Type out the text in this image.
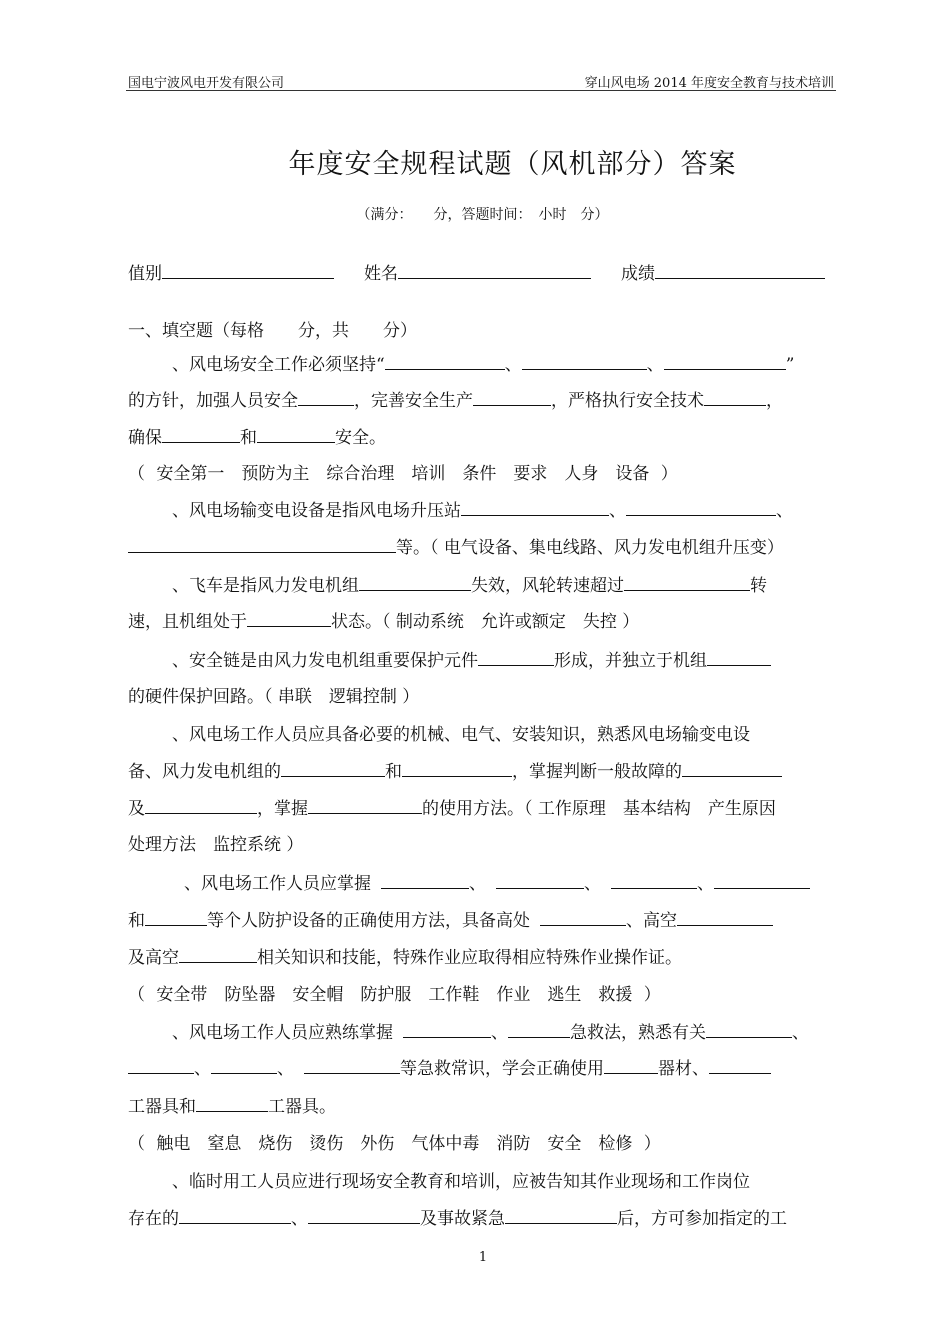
国电宁波风电开发有限公司	穿山风电场 2014 年度安全教育与技术培训
年度安全规程试题（风机部分）答案
（满分：　　分，答题时间：　小时　分）
值别	姓名	成绩
一、填空题（每格　　分，共　　分）
、风电场安全工作必须坚持“	、	、	”
的方针，加强人员安全	，完善安全生产	，严格执行安全技术	，
确保	和	安全。
（ 安全第一　预防为主　综合治理　培训　条件　要求　人身　设备 ）
、风电场输变电设备是指风电场升压站	、	、
等。（ 电气设备、集电线路、风力发电机组升压变）
、飞车是指风力发电机组	失效，风轮转速超过	转
速，且机组处于	状态。（ 制动系统　允许或额定　失控 ）
、安全链是由风力发电机组重要保护元件	形成，并独立于机组
的硬件保护回路。（ 串联　逻辑控制 ）
、风电场工作人员应具备必要的机械、电气、安装知识，熟悉风电场输变电设
备、风力发电机组的	和	，掌握判断一般故障的
及	，掌握	的使用方法。（ 工作原理　基本结构　产生原因
处理方法　监控系统 ）
、风电场工作人员应掌握	、	、	、
和	等个人防护设备的正确使用方法，具备高处	、高空
及高空	相关知识和技能，特殊作业应取得相应特殊作业操作证。
（ 安全带　防坠器　安全帽　防护服　工作鞋　作业　逃生　救援 ）
、风电场工作人员应熟练掌握	、	急救法，熟悉有关	、
、	、	等急救常识，学会正确使用	器材、
工器具和	工器具。
（ 触电　窒息　烧伤　烫伤　外伤　气体中毒　消防　安全　检修 ）
、临时用工人员应进行现场安全教育和培训，应被告知其作业现场和工作岗位
存在的	、	及事故紧急	后，方可参加指定的工
1
